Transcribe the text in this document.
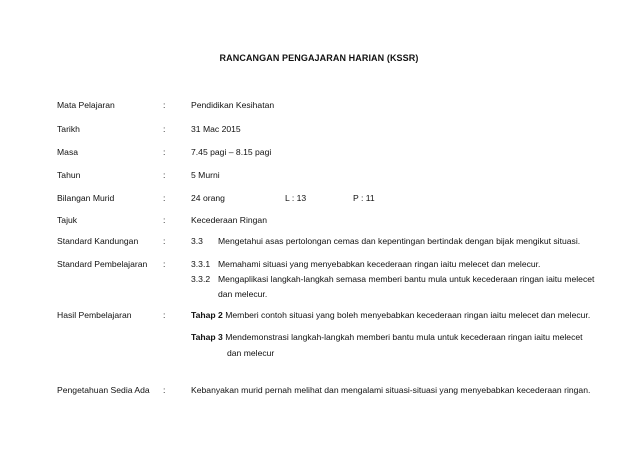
RANCANGAN PENGAJARAN HARIAN (KSSR)
Mata Pelajaran	:	Pendidikan Kesihatan
Tarikh	:	31 Mac 2015
Masa	:	7.45 pagi – 8.15 pagi
Tahun	:	5 Murni
Bilangan Murid	:	24 orang	L : 13	P : 11
Tajuk	:	Kecederaan Ringan
Standard Kandungan	:	3.3 Mengetahui asas pertolongan cemas dan kepentingan bertindak dengan bijak mengikut situasi.
Standard Pembelajaran :	3.3.1 Memahami situasi yang menyebabkan kecederaan ringan iaitu melecet dan melecur.
3.3.2 Mengaplikasi langkah-langkah semasa memberi bantu mula untuk kecederaan ringan iaitu melecet
dan melecur.
Hasil Pembelajaran	:	Tahap 2 Memberi contoh situasi yang boleh menyebabkan kecederaan ringan iaitu melecet dan melecur.
Tahap 3 Mendemonstrasi langkah-langkah memberi bantu mula untuk kecederaan ringan iaitu melecet
dan melecur
Pengetahuan Sedia Ada :	Kebanyakan murid pernah melihat dan mengalami situasi-situasi yang menyebabkan kecederaan ringan.
